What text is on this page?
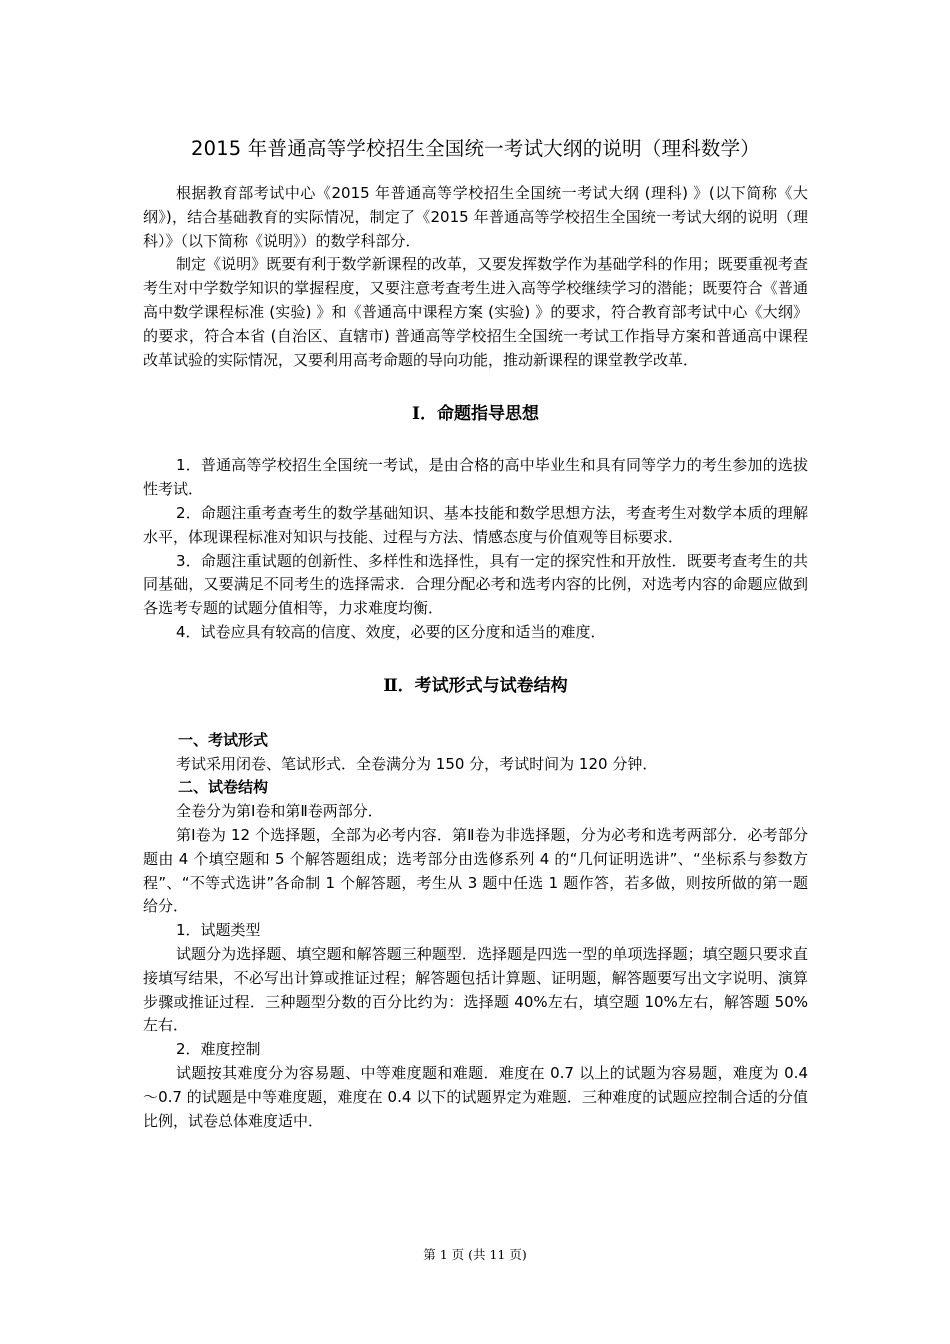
2015 年普通高等学校招生全国统一考试大纲的说明（理科数学）

根据教育部考试中心《2015 年普通高等学校招生全国统一考试大纲 (理科) 》(以下简称《大纲》)，结合基础教育的实际情况，制定了《2015 年普通高等学校招生全国统一考试大纲的说明（理科）》（以下简称《说明》）的数学科部分．

制定《说明》既要有利于数学新课程的改革，又要发挥数学作为基础学科的作用；既要重视考查考生对中学数学知识的掌握程度，又要注意考查考生进入高等学校继续学习的潜能；既要符合《普通高中数学课程标准 (实验) 》和《普通高中课程方案 (实验) 》的要求，符合教育部考试中心《大纲》的要求，符合本省 (自治区、直辖市) 普通高等学校招生全国统一考试工作指导方案和普通高中课程改革试验的实际情况，又要利用高考命题的导向功能，推动新课程的课堂教学改革．

Ⅰ．命题指导思想

1．普通高等学校招生全国统一考试，是由合格的高中毕业生和具有同等学力的考生参加的选拔性考试．

2．命题注重考查考生的数学基础知识、基本技能和数学思想方法，考查考生对数学本质的理解水平，体现课程标准对知识与技能、过程与方法、情感态度与价值观等目标要求．

3．命题注重试题的创新性、多样性和选择性，具有一定的探究性和开放性．既要考查考生的共同基础，又要满足不同考生的选择需求．合理分配必考和选考内容的比例，对选考内容的命题应做到各选考专题的试题分值相等，力求难度均衡．

4．试卷应具有较高的信度、效度，必要的区分度和适当的难度．

Ⅱ．考试形式与试卷结构

一、考试形式

考试采用闭卷、笔试形式．全卷满分为 150 分，考试时间为 120 分钟．

二、试卷结构

全卷分为第Ⅰ卷和第Ⅱ卷两部分．

第Ⅰ卷为 12 个选择题，全部为必考内容．第Ⅱ卷为非选择题，分为必考和选考两部分．必考部分题由 4 个填空题和 5 个解答题组成；选考部分由选修系列 4 的“几何证明选讲”、“坐标系与参数方程”、“不等式选讲”各命制 1 个解答题，考生从 3 题中任选 1 题作答，若多做，则按所做的第一题给分．

1．试题类型

试题分为选择题、填空题和解答题三种题型．选择题是四选一型的单项选择题；填空题只要求直接填写结果，不必写出计算或推证过程；解答题包括计算题、证明题，解答题要写出文字说明、演算步骤或推证过程．三种题型分数的百分比约为：选择题 40%左右，填空题 10%左右，解答题 50%左右．

2．难度控制

试题按其难度分为容易题、中等难度题和难题．难度在 0.7 以上的试题为容易题，难度为 0.4～0.7 的试题是中等难度题，难度在 0.4 以下的试题界定为难题．三种难度的试题应控制合适的分值比例，试卷总体难度适中．

第 1 页 (共 11 页)
